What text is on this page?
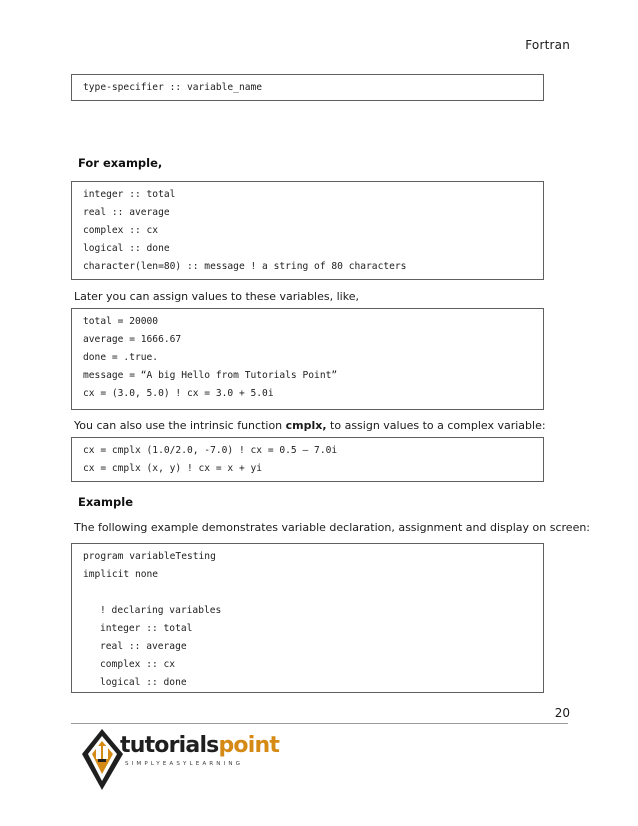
Fortran
type-specifier :: variable_name
For example,
integer :: total
real :: average
complex :: cx
logical :: done
character(len=80) :: message ! a string of 80 characters
Later you can assign values to these variables, like,
total = 20000
average = 1666.67
done = .true.
message = “A big Hello from Tutorials Point”
cx = (3.0, 5.0) ! cx = 3.0 + 5.0i
You can also use the intrinsic function cmplx, to assign values to a complex variable:
cx = cmplx (1.0/2.0, -7.0) ! cx = 0.5 – 7.0i
cx = cmplx (x, y) ! cx = x + yi
Example
The following example demonstrates variable declaration, assignment and display on screen:
program variableTesting
implicit none
! declaring variables
integer :: total
real :: average
complex :: cx
logical :: done
20
tutorialspoint
SIMPLYEASYLEARNING
